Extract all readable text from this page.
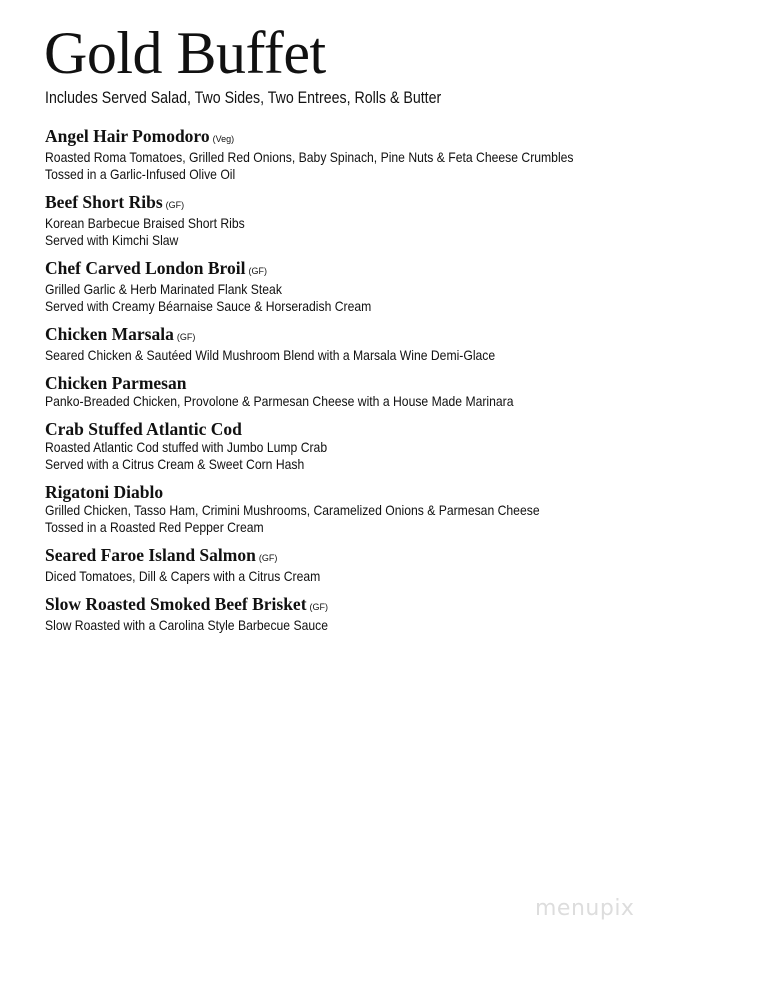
Gold Buffet
Includes Served Salad, Two Sides, Two Entrees, Rolls & Butter
Angel Hair Pomodoro (Veg)
Roasted Roma Tomatoes, Grilled Red Onions, Baby Spinach, Pine Nuts & Feta Cheese Crumbles
Tossed in a Garlic-Infused Olive Oil
Beef Short Ribs (GF)
Korean Barbecue Braised Short Ribs
Served with Kimchi Slaw
Chef Carved London Broil (GF)
Grilled Garlic & Herb Marinated Flank Steak
Served with Creamy Béarnaise Sauce & Horseradish Cream
Chicken Marsala (GF)
Seared Chicken & Sautéed Wild Mushroom Blend with a Marsala Wine Demi-Glace
Chicken Parmesan
Panko-Breaded Chicken, Provolone & Parmesan Cheese with a House Made Marinara
Crab Stuffed Atlantic Cod
Roasted Atlantic Cod stuffed with Jumbo Lump Crab
Served with a Citrus Cream & Sweet Corn Hash
Rigatoni Diablo
Grilled Chicken, Tasso Ham, Crimini Mushrooms, Caramelized Onions & Parmesan Cheese
Tossed in a Roasted Red Pepper Cream
Seared Faroe Island Salmon (GF)
Diced Tomatoes, Dill & Capers with a Citrus Cream
Slow Roasted Smoked Beef Brisket (GF)
Slow Roasted with a Carolina Style Barbecue Sauce
menupix
